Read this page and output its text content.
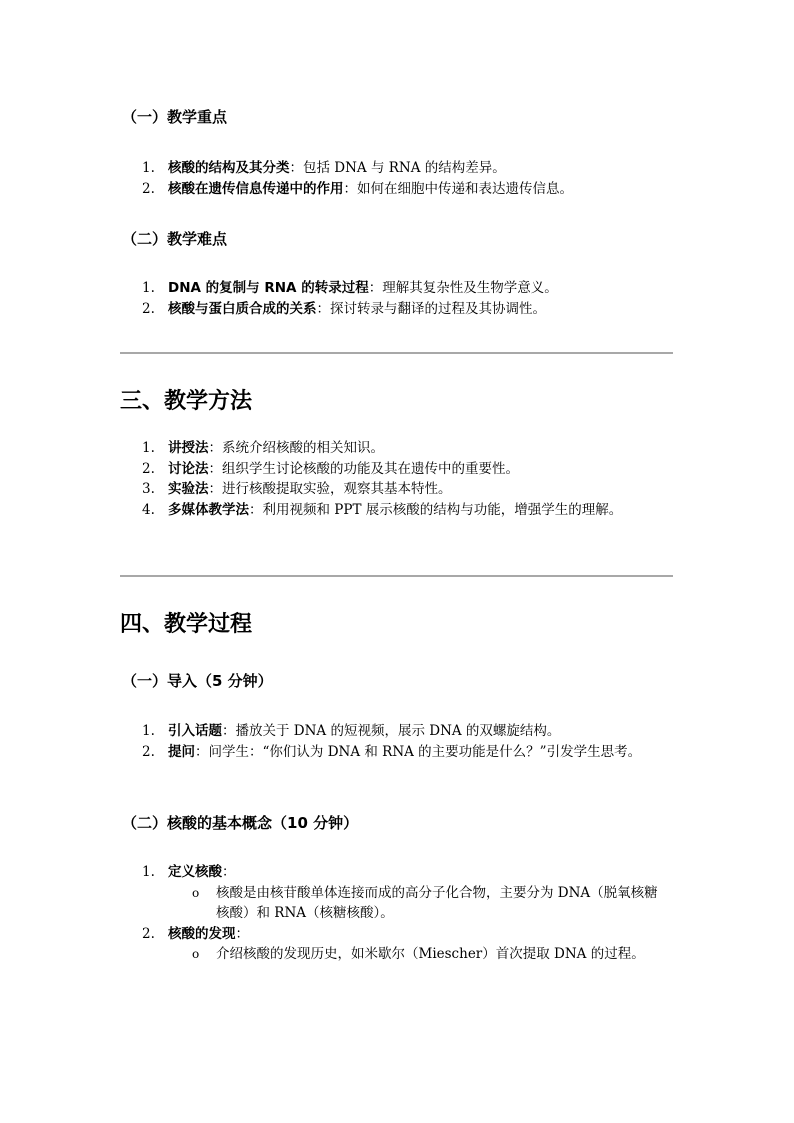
（一）教学重点
1. 核酸的结构及其分类：包括 DNA 与 RNA 的结构差异。
2. 核酸在遗传信息传递中的作用：如何在细胞中传递和表达遗传信息。
（二）教学难点
1. DNA 的复制与 RNA 的转录过程：理解其复杂性及生物学意义。
2. 核酸与蛋白质合成的关系：探讨转录与翻译的过程及其协调性。
三、教学方法
1. 讲授法：系统介绍核酸的相关知识。
2. 讨论法：组织学生讨论核酸的功能及其在遗传中的重要性。
3. 实验法：进行核酸提取实验，观察其基本特性。
4. 多媒体教学法：利用视频和 PPT 展示核酸的结构与功能，增强学生的理解。
四、教学过程
（一）导入（5 分钟）
1. 引入话题：播放关于 DNA 的短视频，展示 DNA 的双螺旋结构。
2. 提问：问学生：“你们认为 DNA 和 RNA 的主要功能是什么？”引发学生思考。
（二）核酸的基本概念（10 分钟）
1. 定义核酸：
o 核酸是由核苷酸单体连接而成的高分子化合物，主要分为 DNA（脱氧核糖核酸）和 RNA（核糖核酸）。
2. 核酸的发现：
o 介绍核酸的发现历史，如米歇尔（Miescher）首次提取 DNA 的过程。
